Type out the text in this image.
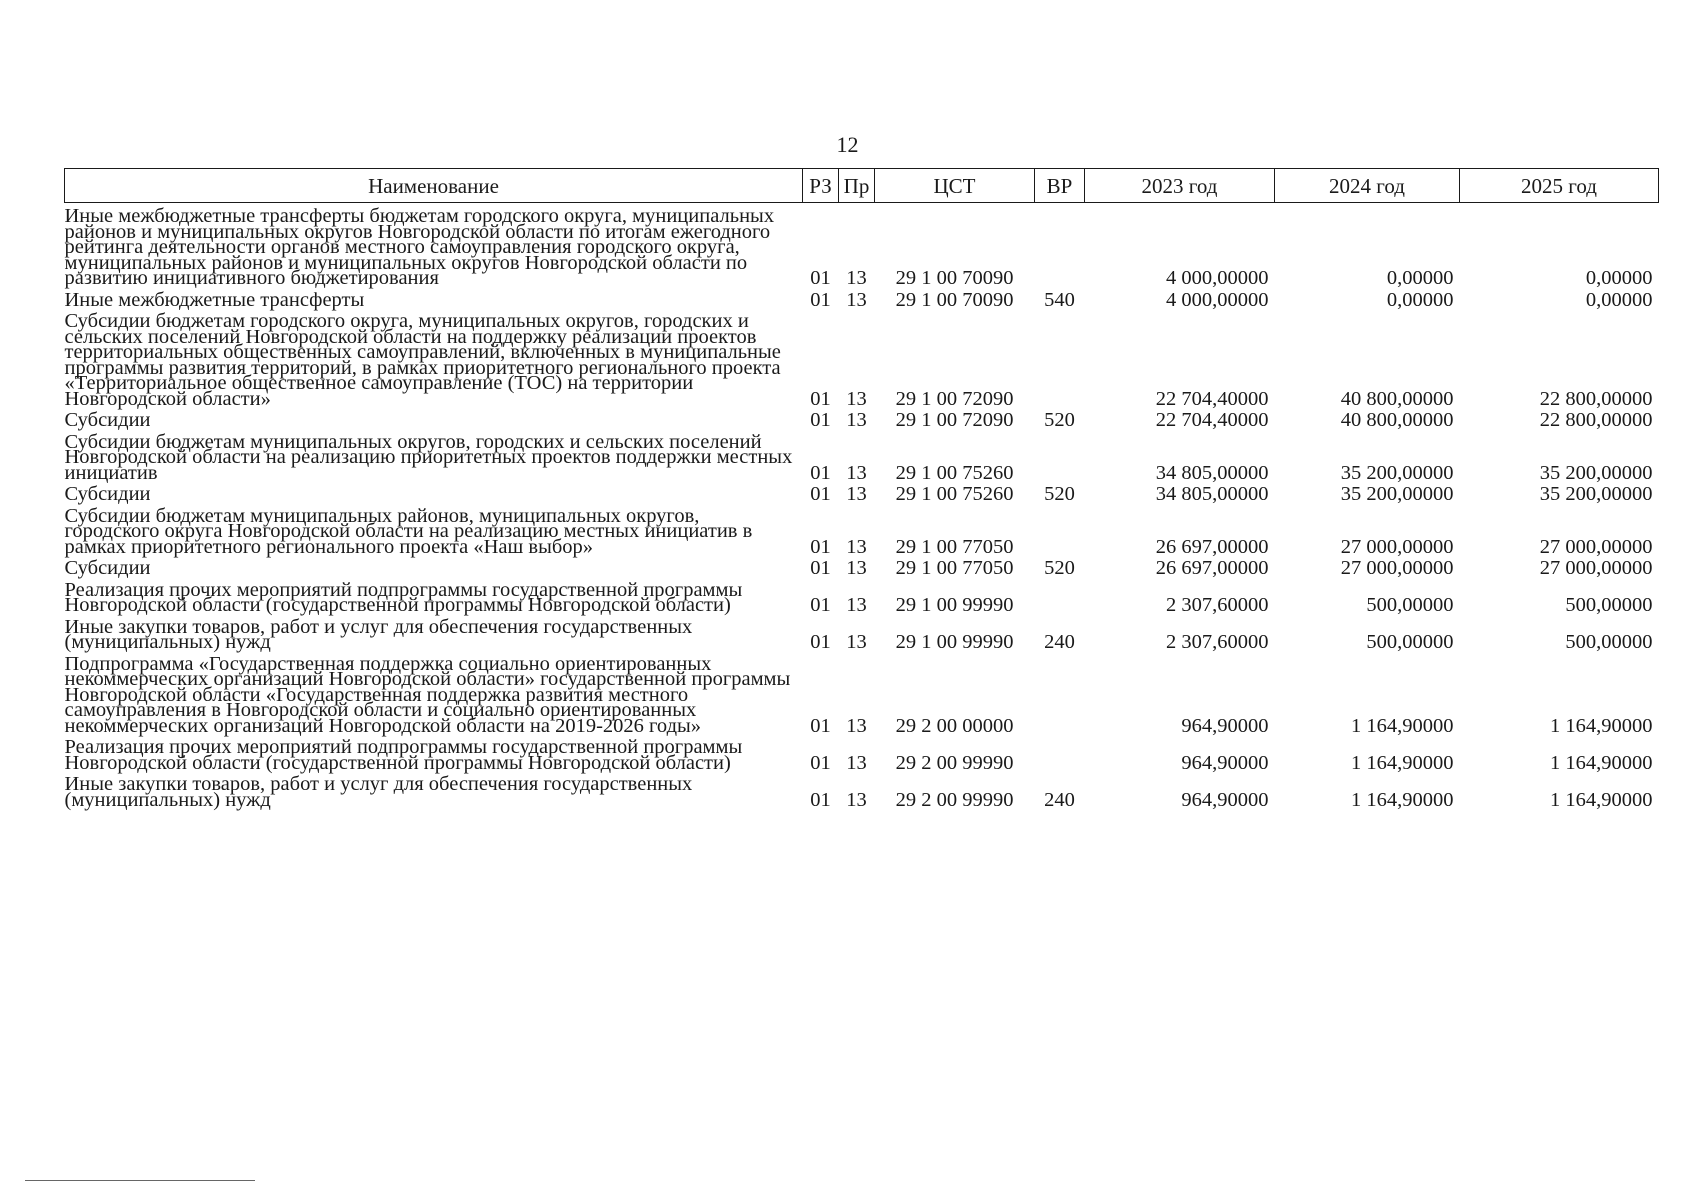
12
Наименование	РЗ	Пр	ЦСТ	ВР	2023 год	2024 год	2025 год
Иные межбюджетные трансферты бюджетам городского округа, муниципальных районов и муниципальных округов Новгородской области по итогам ежегодного рейтинга деятельности органов местного самоуправления городского округа, муниципальных районов и муниципальных округов Новгородской области по развитию инициативного бюджетирования	01	13	29 1 00 70090		4 000,00000	0,00000	0,00000
Иные межбюджетные трансферты	01	13	29 1 00 70090	540	4 000,00000	0,00000	0,00000
Субсидии бюджетам городского округа, муниципальных округов, городских и сельских поселений Новгородской области на поддержку реализации проектов территориальных общественных самоуправлений, включенных в муниципальные программы развития территорий, в рамках приоритетного регионального проекта «Территориальное общественное самоуправление (ТОС) на территории Новгородской области»	01	13	29 1 00 72090		22 704,40000	40 800,00000	22 800,00000
Субсидии	01	13	29 1 00 72090	520	22 704,40000	40 800,00000	22 800,00000
Субсидии бюджетам муниципальных округов, городских и сельских поселений Новгородской области на реализацию приоритетных проектов поддержки местных инициатив	01	13	29 1 00 75260		34 805,00000	35 200,00000	35 200,00000
Субсидии	01	13	29 1 00 75260	520	34 805,00000	35 200,00000	35 200,00000
Субсидии бюджетам муниципальных районов, муниципальных округов, городского округа Новгородской области на реализацию местных инициатив в рамках приоритетного регионального проекта «Наш выбор»	01	13	29 1 00 77050		26 697,00000	27 000,00000	27 000,00000
Субсидии	01	13	29 1 00 77050	520	26 697,00000	27 000,00000	27 000,00000
Реализация прочих мероприятий подпрограммы государственной программы Новгородской области (государственной программы Новгородской области)	01	13	29 1 00 99990		2 307,60000	500,00000	500,00000
Иные закупки товаров, работ и услуг для обеспечения государственных (муниципальных) нужд	01	13	29 1 00 99990	240	2 307,60000	500,00000	500,00000
Подпрограмма «Государственная поддержка социально ориентированных некоммерческих организаций Новгородской области» государственной программы Новгородской области «Государственная поддержка развития местного самоуправления в Новгородской области и социально ориентированных некоммерческих организаций Новгородской области на 2019-2026 годы»	01	13	29 2 00 00000		964,90000	1 164,90000	1 164,90000
Реализация прочих мероприятий подпрограммы государственной программы Новгородской области (государственной программы Новгородской области)	01	13	29 2 00 99990		964,90000	1 164,90000	1 164,90000
Иные закупки товаров, работ и услуг для обеспечения государственных (муниципальных) нужд	01	13	29 2 00 99990	240	964,90000	1 164,90000	1 164,90000
